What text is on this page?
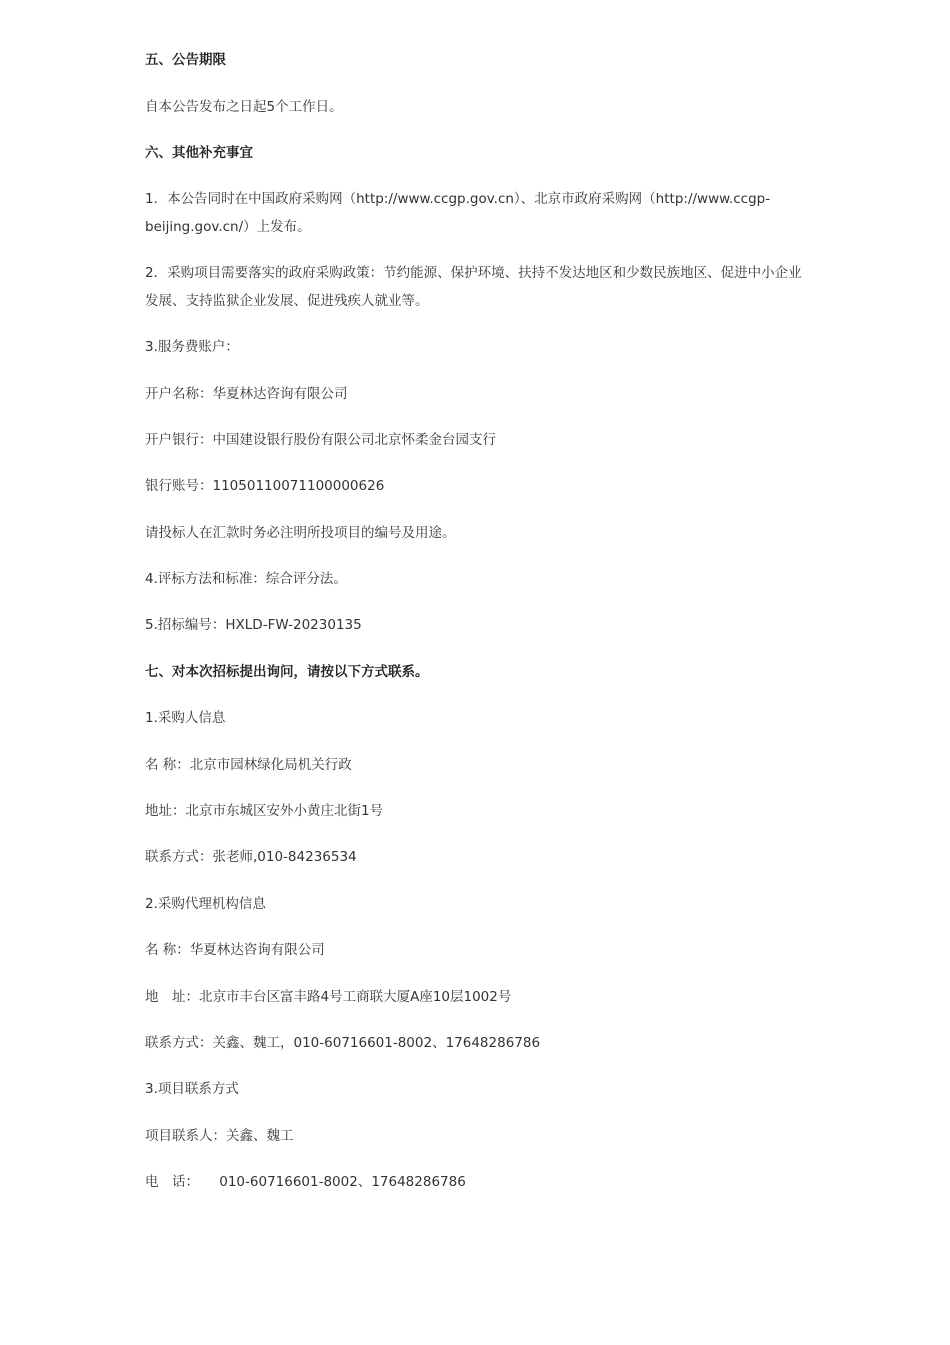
五、公告期限
自本公告发布之日起5个工作日。
六、其他补充事宜
1．本公告同时在中国政府采购网（http://www.ccgp.gov.cn）、北京市政府采购网（http://www.ccgp-
beijing.gov.cn/）上发布。
2．采购项目需要落实的政府采购政策：节约能源、保护环境、扶持不发达地区和少数民族地区、促进中小企业
发展、支持监狱企业发展、促进残疾人就业等。
3.服务费账户：
开户名称：华夏林达咨询有限公司
开户银行：中国建设银行股份有限公司北京怀柔金台园支行
银行账号：11050110071100000626
请投标人在汇款时务必注明所投项目的编号及用途。
4.评标方法和标准：综合评分法。
5.招标编号：HXLD-FW-20230135
七、对本次招标提出询问，请按以下方式联系。
1.采购人信息
名 称：北京市园林绿化局机关行政
地址：北京市东城区安外小黄庄北街1号
联系方式：张老师,010-84236534
2.采购代理机构信息
名 称：华夏林达咨询有限公司
地　址：北京市丰台区富丰路4号工商联大厦A座10层1002号
联系方式：关鑫、魏工，010-60716601-8002、17648286786
3.项目联系方式
项目联系人：关鑫、魏工
电　话：　　010-60716601-8002、17648286786
